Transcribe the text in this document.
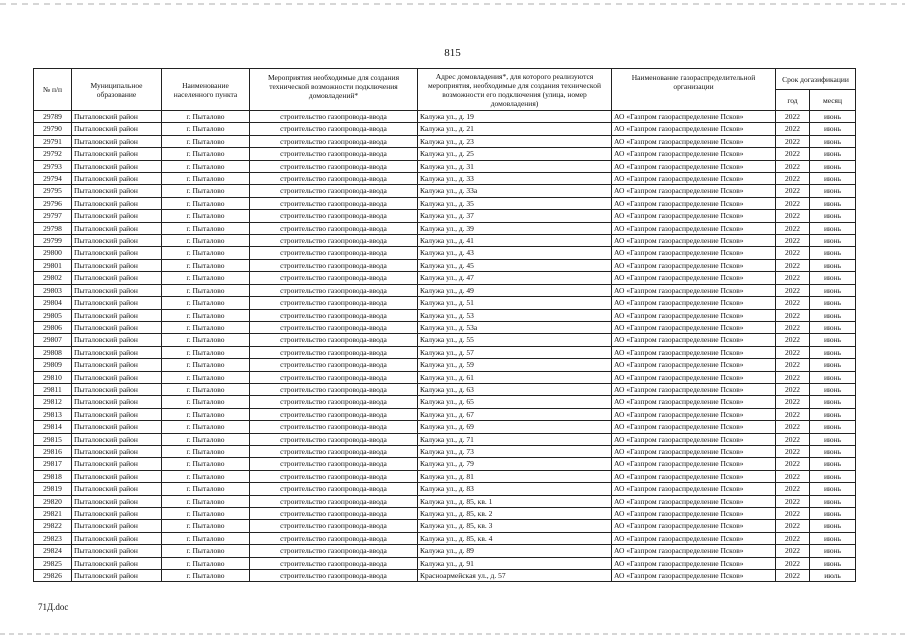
815
№ п/п	Муниципальное образование	Наименование населенного пункта	Мероприятия необходимые для создания технической возможности подключения домовладений*	Адрес домовладения*, для которого реализуются мероприятия, необходимые для создания технической возможности его подключения (улица, номер домовладения)	Наименование газораспределительной организации	Срок догазификации	
						год	месяц
29789	Пыталовский район	г. Пыталово	строительство газопровода-ввода	Калужа ул., д. 19	АО «Газпром газораспределение Псков»	2022	июнь
29790	Пыталовский район	г. Пыталово	строительство газопровода-ввода	Калужа ул., д. 21	АО «Газпром газораспределение Псков»	2022	июнь
29791	Пыталовский район	г. Пыталово	строительство газопровода-ввода	Калужа ул., д. 23	АО «Газпром газораспределение Псков»	2022	июнь
29792	Пыталовский район	г. Пыталово	строительство газопровода-ввода	Калужа ул., д. 25	АО «Газпром газораспределение Псков»	2022	июнь
29793	Пыталовский район	г. Пыталово	строительство газопровода-ввода	Калужа ул., д. 31	АО «Газпром газораспределение Псков»	2022	июнь
29794	Пыталовский район	г. Пыталово	строительство газопровода-ввода	Калужа ул., д. 33	АО «Газпром газораспределение Псков»	2022	июнь
29795	Пыталовский район	г. Пыталово	строительство газопровода-ввода	Калужа ул., д. 33а	АО «Газпром газораспределение Псков»	2022	июнь
29796	Пыталовский район	г. Пыталово	строительство газопровода-ввода	Калужа ул., д. 35	АО «Газпром газораспределение Псков»	2022	июнь
29797	Пыталовский район	г. Пыталово	строительство газопровода-ввода	Калужа ул., д. 37	АО «Газпром газораспределение Псков»	2022	июнь
29798	Пыталовский район	г. Пыталово	строительство газопровода-ввода	Калужа ул., д. 39	АО «Газпром газораспределение Псков»	2022	июнь
29799	Пыталовский район	г. Пыталово	строительство газопровода-ввода	Калужа ул., д. 41	АО «Газпром газораспределение Псков»	2022	июнь
29800	Пыталовский район	г. Пыталово	строительство газопровода-ввода	Калужа ул., д. 43	АО «Газпром газораспределение Псков»	2022	июнь
29801	Пыталовский район	г. Пыталово	строительство газопровода-ввода	Калужа ул., д. 45	АО «Газпром газораспределение Псков»	2022	июнь
29802	Пыталовский район	г. Пыталово	строительство газопровода-ввода	Калужа ул., д. 47	АО «Газпром газораспределение Псков»	2022	июнь
29803	Пыталовский район	г. Пыталово	строительство газопровода-ввода	Калужа ул., д. 49	АО «Газпром газораспределение Псков»	2022	июнь
29804	Пыталовский район	г. Пыталово	строительство газопровода-ввода	Калужа ул., д. 51	АО «Газпром газораспределение Псков»	2022	июнь
29805	Пыталовский район	г. Пыталово	строительство газопровода-ввода	Калужа ул., д. 53	АО «Газпром газораспределение Псков»	2022	июнь
29806	Пыталовский район	г. Пыталово	строительство газопровода-ввода	Калужа ул., д. 53а	АО «Газпром газораспределение Псков»	2022	июнь
29807	Пыталовский район	г. Пыталово	строительство газопровода-ввода	Калужа ул., д. 55	АО «Газпром газораспределение Псков»	2022	июнь
29808	Пыталовский район	г. Пыталово	строительство газопровода-ввода	Калужа ул., д. 57	АО «Газпром газораспределение Псков»	2022	июнь
29809	Пыталовский район	г. Пыталово	строительство газопровода-ввода	Калужа ул., д. 59	АО «Газпром газораспределение Псков»	2022	июнь
29810	Пыталовский район	г. Пыталово	строительство газопровода-ввода	Калужа ул., д. 61	АО «Газпром газораспределение Псков»	2022	июнь
29811	Пыталовский район	г. Пыталово	строительство газопровода-ввода	Калужа ул., д. 63	АО «Газпром газораспределение Псков»	2022	июнь
29812	Пыталовский район	г. Пыталово	строительство газопровода-ввода	Калужа ул., д. 65	АО «Газпром газораспределение Псков»	2022	июнь
29813	Пыталовский район	г. Пыталово	строительство газопровода-ввода	Калужа ул., д. 67	АО «Газпром газораспределение Псков»	2022	июнь
29814	Пыталовский район	г. Пыталово	строительство газопровода-ввода	Калужа ул., д. 69	АО «Газпром газораспределение Псков»	2022	июнь
29815	Пыталовский район	г. Пыталово	строительство газопровода-ввода	Калужа ул., д. 71	АО «Газпром газораспределение Псков»	2022	июнь
29816	Пыталовский район	г. Пыталово	строительство газопровода-ввода	Калужа ул., д. 73	АО «Газпром газораспределение Псков»	2022	июнь
29817	Пыталовский район	г. Пыталово	строительство газопровода-ввода	Калужа ул., д. 79	АО «Газпром газораспределение Псков»	2022	июнь
29818	Пыталовский район	г. Пыталово	строительство газопровода-ввода	Калужа ул., д. 81	АО «Газпром газораспределение Псков»	2022	июнь
29819	Пыталовский район	г. Пыталово	строительство газопровода-ввода	Калужа ул., д. 83	АО «Газпром газораспределение Псков»	2022	июнь
29820	Пыталовский район	г. Пыталово	строительство газопровода-ввода	Калужа ул., д. 85, кв. 1	АО «Газпром газораспределение Псков»	2022	июнь
29821	Пыталовский район	г. Пыталово	строительство газопровода-ввода	Калужа ул., д. 85, кв. 2	АО «Газпром газораспределение Псков»	2022	июнь
29822	Пыталовский район	г. Пыталово	строительство газопровода-ввода	Калужа ул., д. 85, кв. 3	АО «Газпром газораспределение Псков»	2022	июнь
29823	Пыталовский район	г. Пыталово	строительство газопровода-ввода	Калужа ул., д. 85, кв. 4	АО «Газпром газораспределение Псков»	2022	июнь
29824	Пыталовский район	г. Пыталово	строительство газопровода-ввода	Калужа ул., д. 89	АО «Газпром газораспределение Псков»	2022	июнь
29825	Пыталовский район	г. Пыталово	строительство газопровода-ввода	Калужа ул., д. 91	АО «Газпром газораспределение Псков»	2022	июнь
29826	Пыталовский район	г. Пыталово	строительство газопровода-ввода	Красноармейская ул., д. 57	АО «Газпром газораспределение Псков»	2022	июль
71Д.doc
